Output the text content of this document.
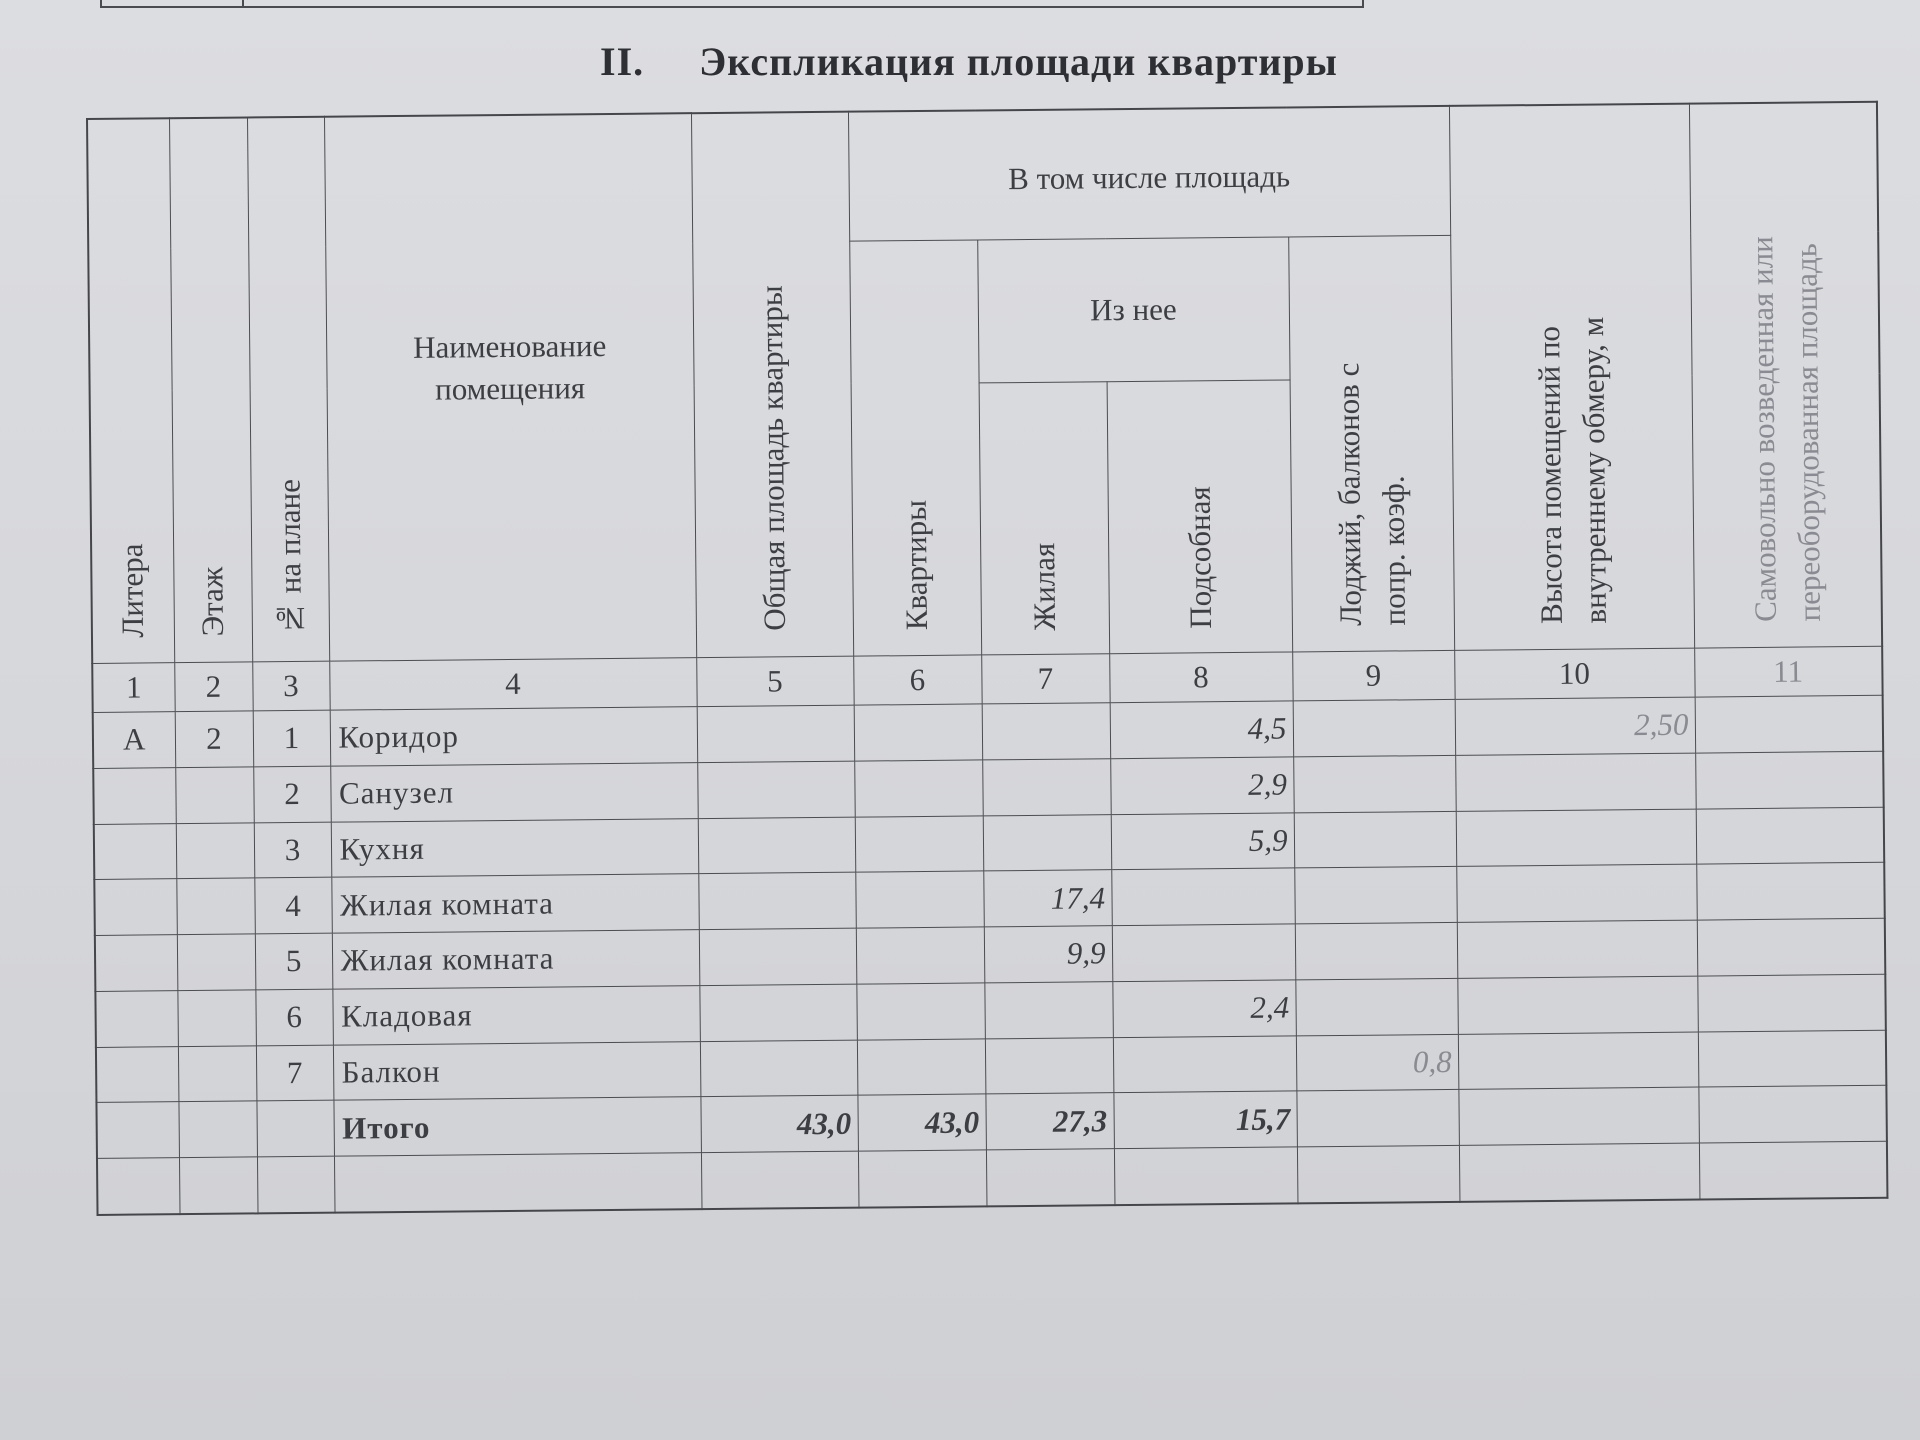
II. Экспликация площади квартиры
Литера	Этаж	№ на плане	Наименование помещения	Общая площадь квартиры	В том числе площадь				Высота помещений по внутреннему обмеру, м	Самовольно возведенная или переоборудованная площадь

					Квартиры	Из нее		Лоджий, балконов с попр. коэф.		

						Жилая	Подсобная			

1	2	3	4	5	6	7	8	9	10	11
А	2	1	Коридор				4,5		2,50	
		2	Санузел				2,9			
		3	Кухня				5,9			
		4	Жилая комната			17,4				
		5	Жилая комната			9,9				
		6	Кладовая				2,4			
		7	Балкон					0,8		
			Итого	43,0	43,0	27,3	15,7			
